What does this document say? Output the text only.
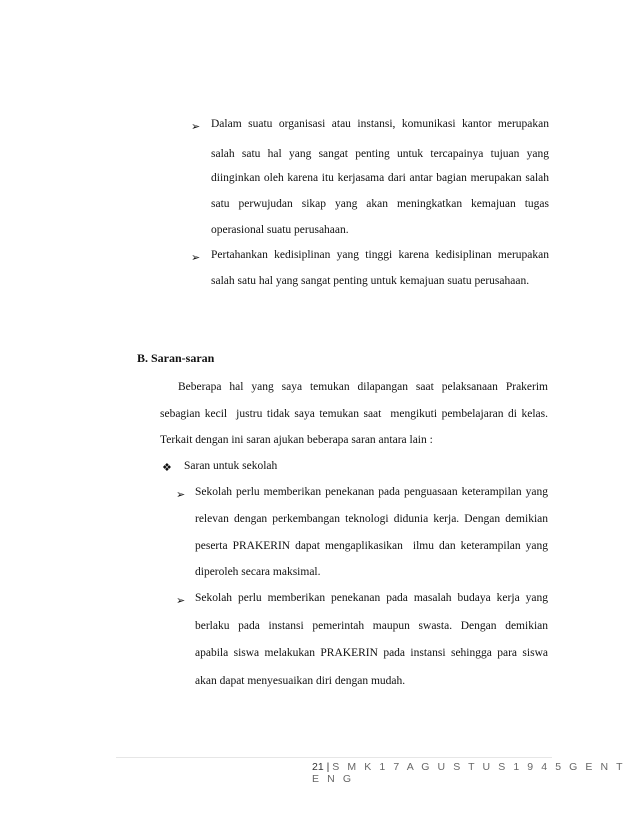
➢ Dalam suatu organisasi atau instansi, komunikasi kantor merupakan
salah satu hal yang sangat penting untuk tercapainya tujuan yang
diinginkan oleh karena itu kerjasama dari antar bagian merupakan salah
satu perwujudan sikap yang akan meningkatkan kemajuan tugas
operasional suatu perusahaan.
➢ Pertahankan kedisiplinan yang tinggi karena kedisiplinan merupakan
salah satu hal yang sangat penting untuk kemajuan suatu perusahaan.
B. Saran-saran
Beberapa  hal  yang  saya  temukan  dilapangan  saat  pelaksanaan  Prakerim
sebagian kecil  justru tidak saya temukan saat  mengikuti pembelajaran di kelas.
Terkait dengan ini saran ajukan beberapa saran antara lain :
❖ Saran untuk sekolah
➢ Sekolah perlu memberikan penekanan pada penguasaan keterampilan yang
relevan dengan perkembangan teknologi didunia kerja. Dengan demikian
peserta PRAKERIN dapat mengaplikasikan  ilmu dan keterampilan yang
diperoleh secara maksimal.
➢ Sekolah perlu memberikan penekanan pada masalah budaya kerja yang
berlaku pada instansi pemerintah maupun swasta. Dengan demikian
apabila siswa melakukan PRAKERIN pada instansi sehingga para siswa
akan dapat menyesuaikan diri dengan mudah.
21 | S M K 1 7 A G U S T U S 1 9 4 5 G E N T E N G
